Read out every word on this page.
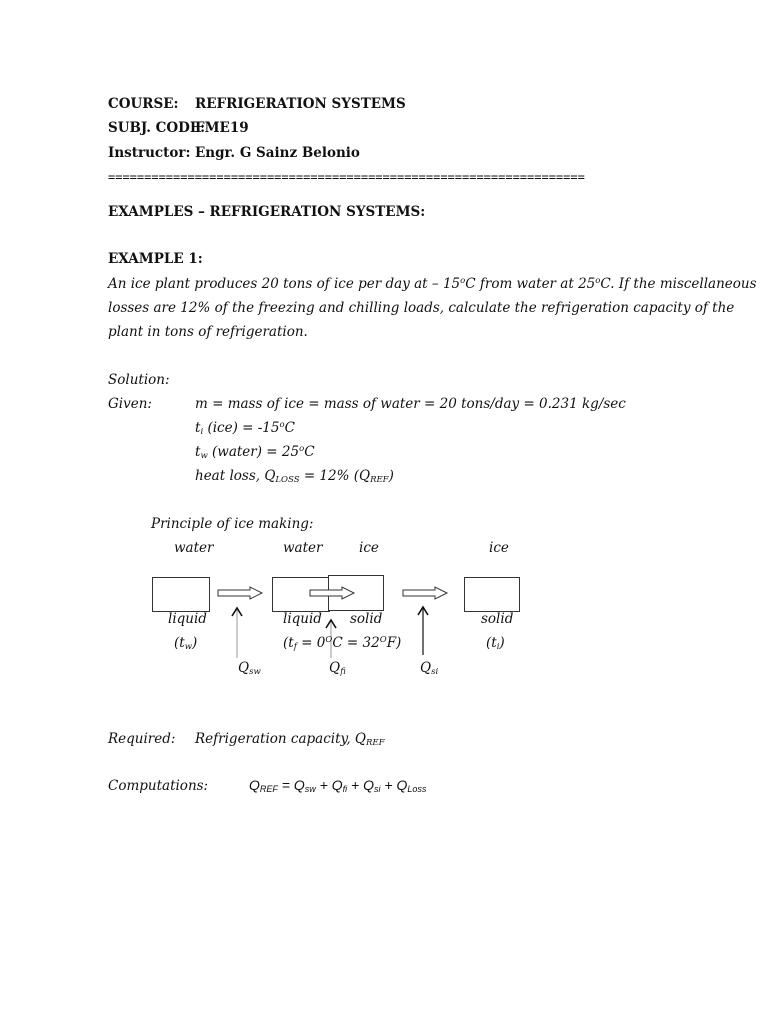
COURSE: REFRIGERATION SYSTEMS
SUBJ. CODE:
FME19
Instructor: Engr. G Sainz Belonio
==================================================================
EXAMPLES – REFRIGERATION SYSTEMS:
EXAMPLE 1:
An ice plant produces 20 tons of ice per day at – 15$^o$C from water at 25$^o$C. If the miscellaneous
losses are 12% of the freezing and chilling loads, calculate the refrigeration capacity of the
plant in tons of refrigeration.
Solution:
Given:	m = mass of ice = mass of water = 20 tons/day = 0.231 kg/sec
$t_i$ $(ice) = -15^oC$
$t_w$ (water) = $25^oC$
heat loss, $Q_{LOSS} = 12\%$ $(Q_{REF})$
Principle of ice making:
water	water	ice	ice
liquid	liquid solid	solid
$(t_w)$	$(t_f = 0^OC = 32^OF)$	$(t_i)$
$Q_{sw}$	$Q_{fi}$	$Q_{si}$
Required: Refrigeration capacity, $Q_{REF}$
Computations:	$Q_{REF} = Q_{sw} + Q_{fi} + Q_{si} + Q_{Loss}$
